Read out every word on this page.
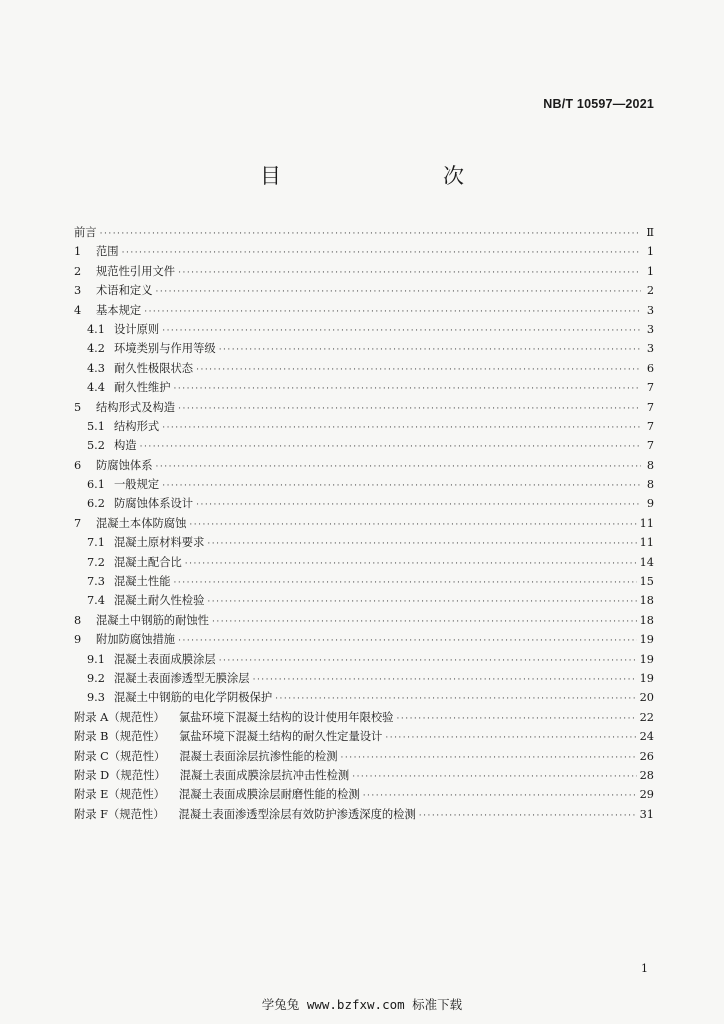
NB/T 10597—2021
目　　次
前言 ·····	Ⅱ
1	范围 ·····	1
2	规范性引用文件 ·····	1
3	术语和定义 ·····	2
4	基本规定 ·····	3
4.1 设计原则 ·····	3
4.2 环境类别与作用等级 ·····	3
4.3 耐久性极限状态 ·····	6
4.4 耐久性维护 ·····	7
5	结构形式及构造 ·····	7
5.1 结构形式 ·····	7
5.2 构造 ·····	7
6	防腐蚀体系 ·····	8
6.1 一般规定 ·····	8
6.2 防腐蚀体系设计 ·····	9
7	混凝土本体防腐蚀 ·····	11
7.1 混凝土原材料要求 ·····	11
7.2 混凝土配合比 ·····	14
7.3 混凝土性能 ·····	15
7.4 混凝土耐久性检验 ·····	18
8	混凝土中钢筋的耐蚀性 ·····	18
9	附加防腐蚀措施 ·····	19
9.1 混凝土表面成膜涂层 ·····	19
9.2 混凝土表面渗透型无膜涂层 ·····	19
9.3 混凝土中钢筋的电化学阴极保护 ·····	20
附录 A（规范性） 氯盐环境下混凝土结构的设计使用年限校验 ·····	22
附录 B（规范性） 氯盐环境下混凝土结构的耐久性定量设计 ·····	24
附录 C（规范性） 混凝土表面涂层抗渗性能的检测 ·····	26
附录 D（规范性） 混凝土表面成膜涂层抗冲击性检测 ·····	28
附录 E（规范性） 混凝土表面成膜涂层耐磨性能的检测 ·····	29
附录 F（规范性） 混凝土表面渗透型涂层有效防护渗透深度的检测 ·····	31
1
学兔兔 www.bzfxw.com 标准下载
